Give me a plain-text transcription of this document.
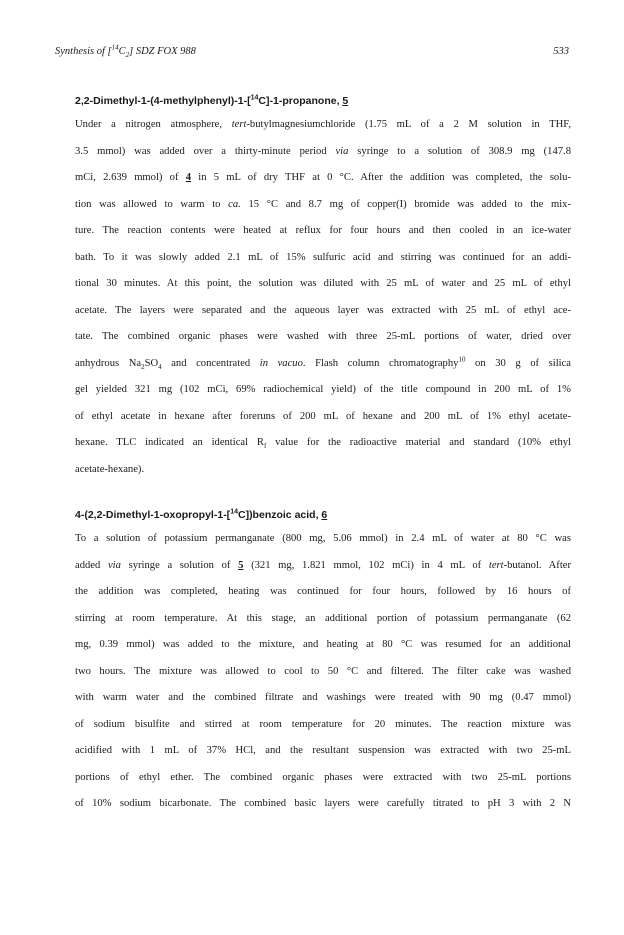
Synthesis of $[^{14}C_2]$ SDZ FOX 988	533

2,2-Dimethyl-1-(4-methylphenyl)-1-[$^{14}$C]-1-propanone, 5

Under a nitrogen atmosphere, tert-butylmagnesiumchloride (1.75 mL of a 2 M solution in THF,
3.5 mmol) was added over a thirty-minute period via syringe to a solution of 308.9 mg (147.8
mCi, 2.639 mmol) of 4 in 5 mL of dry THF at 0 °C. After the addition was completed, the solu-
tion was allowed to warm to ca. 15 °C and 8.7 mg of copper(I) bromide was added to the mix-
ture. The reaction contents were heated at reflux for four hours and then cooled in an ice-water
bath. To it was slowly added 2.1 mL of 15% sulfuric acid and stirring was continued for an addi-
tional 30 minutes. At this point, the solution was diluted with 25 mL of water and 25 mL of ethyl
acetate. The layers were separated and the aqueous layer was extracted with 25 mL of ethyl ace-
tate. The combined organic phases were washed with three 25-mL portions of water, dried over
anhydrous $Na_2SO_4$ and concentrated in vacuo. Flash column chromatography$^{10}$ on 30 g of silica
gel yielded 321 mg (102 mCi, 69% radiochemical yield) of the title compound in 200 mL of 1%
of ethyl acetate in hexane after foreruns of 200 mL of hexane and 200 mL of 1% ethyl acetate-
hexane. TLC indicated an identical $R_f$ value for the radioactive material and standard (10% ethyl
acetate-hexane).

4-(2,2-Dimethyl-1-oxopropyl-1-[$^{14}$C])benzoic acid, 6

To a solution of potassium permanganate (800 mg, 5.06 mmol) in 2.4 mL of water at 80 °C was
added via syringe a solution of 5 (321 mg, 1.821 mmol, 102 mCi) in 4 mL of tert-butanol. After
the addition was completed, heating was continued for four hours, followed by 16 hours of
stirring at room temperature. At this stage, an additional portion of potassium permanganate (62
mg, 0.39 mmol) was added to the mixture, and heating at 80 °C was resumed for an additional
two hours. The mixture was allowed to cool to 50 °C and filtered. The filter cake was washed
with warm water and the combined filtrate and washings were treated with 90 mg (0.47 mmol)
of sodium bisulfite and stirred at room temperature for 20 minutes. The reaction mixture was
acidified with 1 mL of 37% HCl, and the resultant suspension was extracted with two 25-mL
portions of ethyl ether. The combined organic phases were extracted with two 25-mL portions
of 10% sodium bicarbonate. The combined basic layers were carefully titrated to pH 3 with 2 N
